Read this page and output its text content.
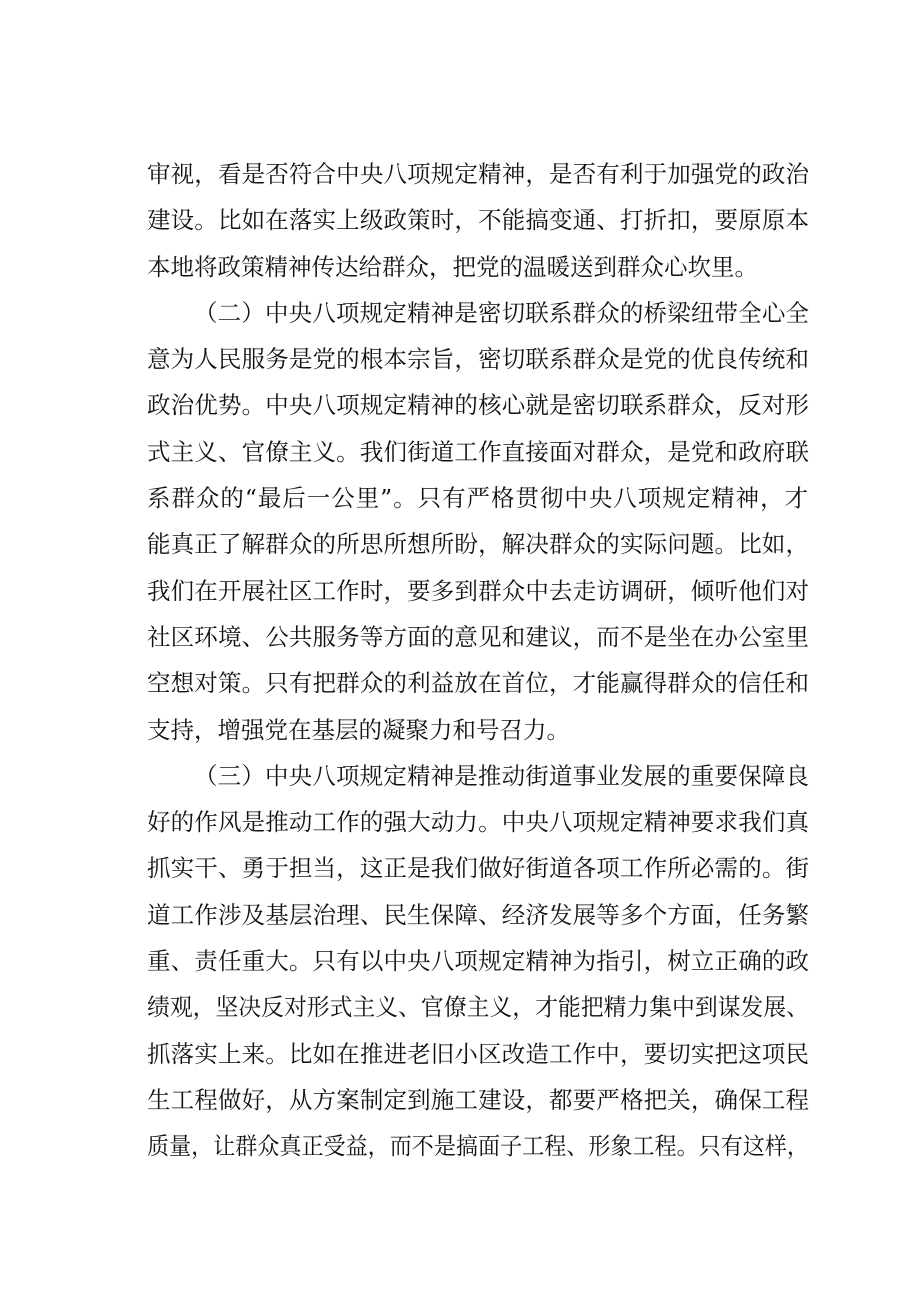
审视，看是否符合中央八项规定精神，是否有利于加强党的政治
建设。比如在落实上级政策时，不能搞变通、打折扣，要原原本
本地将政策精神传达给群众，把党的温暖送到群众心坎里。
（二）中央八项规定精神是密切联系群众的桥梁纽带全心全
意为人民服务是党的根本宗旨，密切联系群众是党的优良传统和
政治优势。中央八项规定精神的核心就是密切联系群众，反对形
式主义、官僚主义。我们街道工作直接面对群众，是党和政府联
系群众的“最后一公里”。只有严格贯彻中央八项规定精神，才
能真正了解群众的所思所想所盼，解决群众的实际问题。比如，
我们在开展社区工作时，要多到群众中去走访调研，倾听他们对
社区环境、公共服务等方面的意见和建议，而不是坐在办公室里
空想对策。只有把群众的利益放在首位，才能赢得群众的信任和
支持，增强党在基层的凝聚力和号召力。
（三）中央八项规定精神是推动街道事业发展的重要保障良
好的作风是推动工作的强大动力。中央八项规定精神要求我们真
抓实干、勇于担当，这正是我们做好街道各项工作所必需的。街
道工作涉及基层治理、民生保障、经济发展等多个方面，任务繁
重、责任重大。只有以中央八项规定精神为指引，树立正确的政
绩观，坚决反对形式主义、官僚主义，才能把精力集中到谋发展、
抓落实上来。比如在推进老旧小区改造工作中，要切实把这项民
生工程做好，从方案制定到施工建设，都要严格把关，确保工程
质量，让群众真正受益，而不是搞面子工程、形象工程。只有这样，
